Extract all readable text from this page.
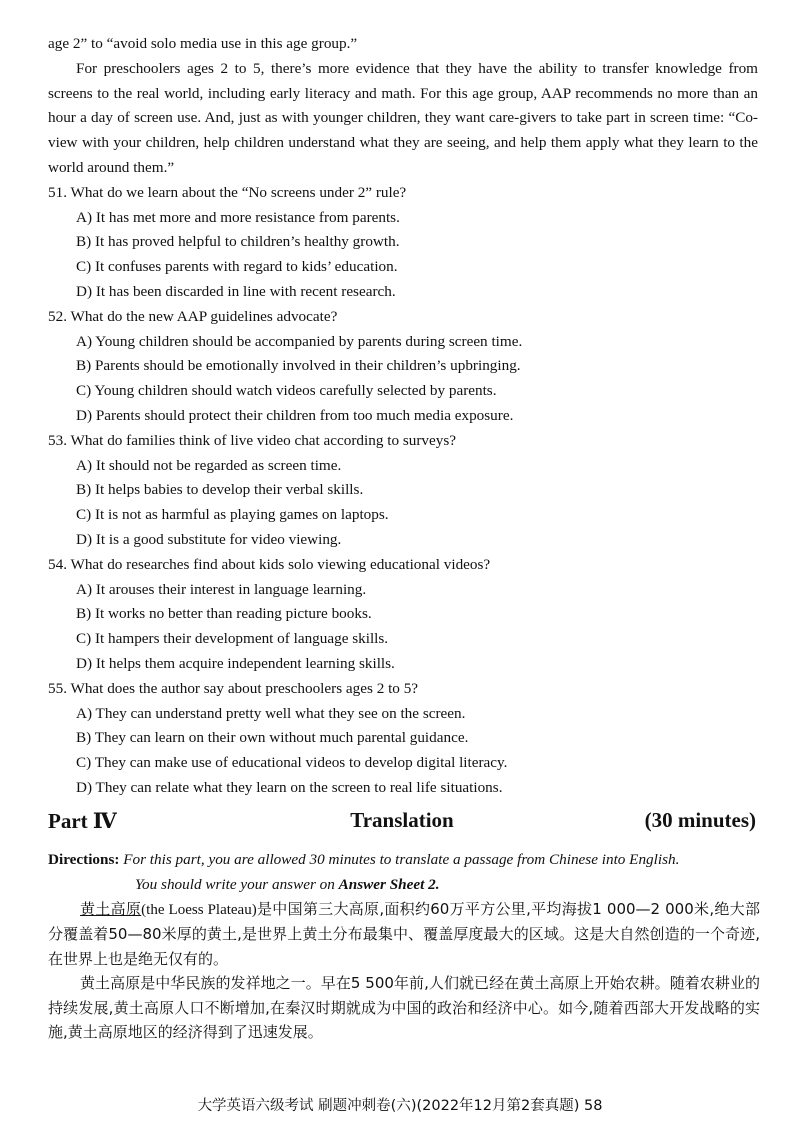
age 2” to “avoid solo media use in this age group.”

For preschoolers ages 2 to 5, there’s more evidence that they have the ability to transfer knowledge from screens to the real world, including early literacy and math. For this age group, AAP recommends no more than an hour a day of screen use. And, just as with younger children, they want care-givers to take part in screen time: “Co-view with your children, help children understand what they are seeing, and help them apply what they learn to the world around them.”

51. What do we learn about the “No screens under 2” rule?

A) It has met more and more resistance from parents.

B) It has proved helpful to children’s healthy growth.

C) It confuses parents with regard to kids’ education.

D) It has been discarded in line with recent research.

52. What do the new AAP guidelines advocate?

A) Young children should be accompanied by parents during screen time.

B) Parents should be emotionally involved in their children’s upbringing.

C) Young children should watch videos carefully selected by parents.

D) Parents should protect their children from too much media exposure.

53. What do families think of live video chat according to surveys?

A) It should not be regarded as screen time.

B) It helps babies to develop their verbal skills.

C) It is not as harmful as playing games on laptops.

D) It is a good substitute for video viewing.

54. What do researches find about kids solo viewing educational videos?

A) It arouses their interest in language learning.

B) It works no better than reading picture books.

C) It hampers their development of language skills.

D) It helps them acquire independent learning skills.

55. What does the author say about preschoolers ages 2 to 5?

A) They can understand pretty well what they see on the screen.

B) They can learn on their own without much parental guidance.

C) They can make use of educational videos to develop digital literacy.

D) They can relate what they learn on the screen to real life situations.

Part Ⅳ	Translation	(30 minutes)
Directions: For this part, you are allowed 30 minutes to translate a passage from Chinese into English.
You should write your answer on Answer Sheet 2.

黄土高原(the Loess Plateau)是中国第三大高原,面积约60万平方公里,平均海拔1 000—2 000米,绝大部分覆盖着50—80米厚的黄土,是世界上黄土分布最集中、覆盖厚度最大的区域。这是大自然创造的一个奇迹,在世界上也是绝无仅有的。

黄土高原是中华民族的发祥地之一。早在5 500年前,人们就已经在黄土高原上开始农耕。随着农耕业的持续发展,黄土高原人口不断增加,在秦汉时期就成为中国的政治和经济中心。如今,随着西部大开发战略的实施,黄土高原地区的经济得到了迅速发展。

大学英语六级考试 刷题冲刺卷(六)(2022年12月第2套真题) 58
